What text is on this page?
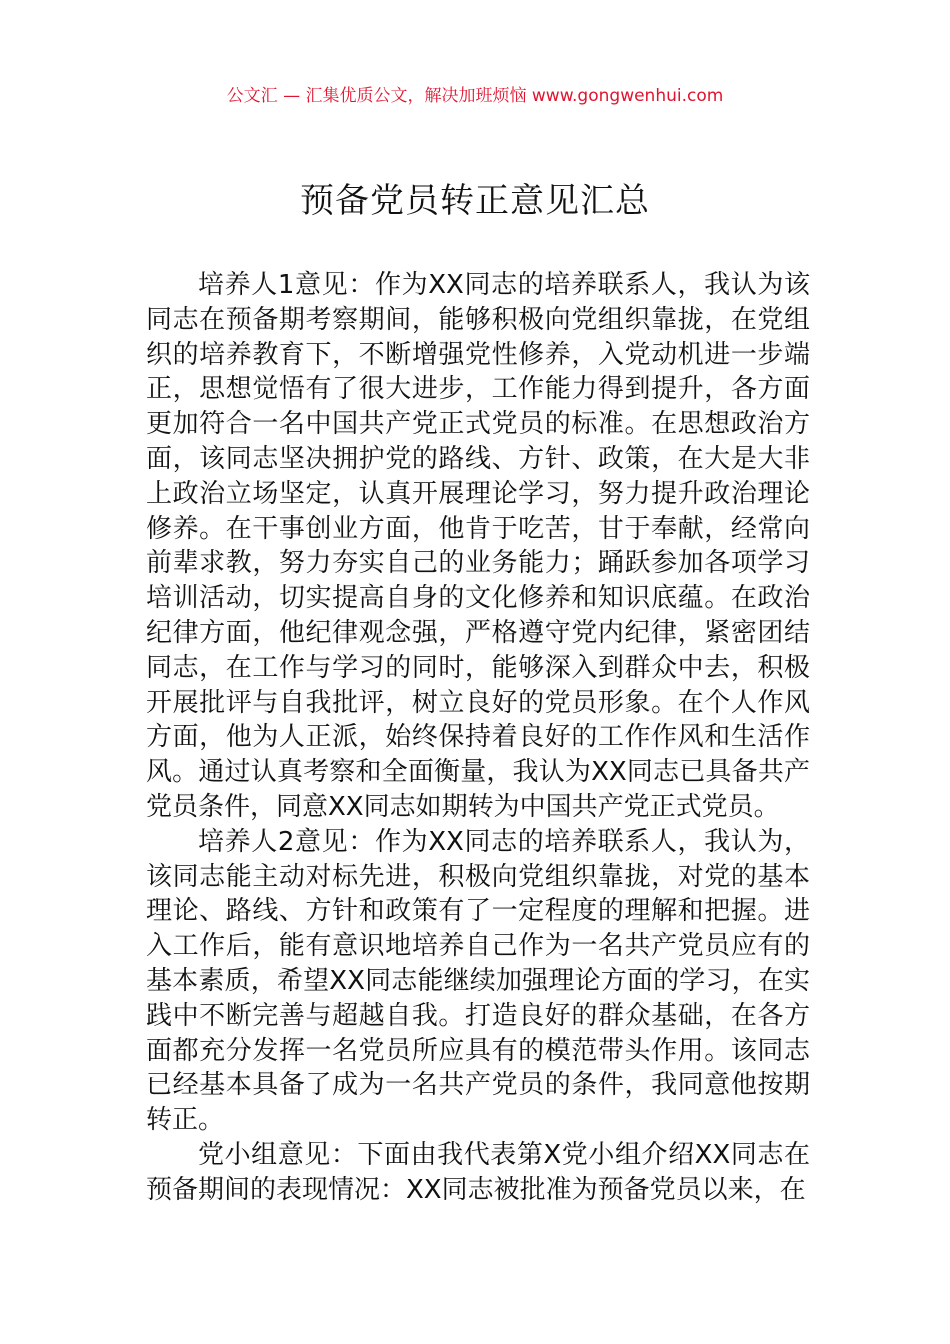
公文汇 — 汇集优质公文，解决加班烦恼 www.gongwenhui.com
预备党员转正意见汇总

培养人1意见：作为XX同志的培养联系人，我认为该同志在预备期考察期间，能够积极向党组织靠拢，在党组织的培养教育下，不断增强党性修养，入党动机进一步端正，思想觉悟有了很大进步，工作能力得到提升，各方面更加符合一名中国共产党正式党员的标准。在思想政治方面，该同志坚决拥护党的路线、方针、政策，在大是大非上政治立场坚定，认真开展理论学习，努力提升政治理论修养。在干事创业方面，他肯于吃苦，甘于奉献，经常向前辈求教，努力夯实自己的业务能力；踊跃参加各项学习培训活动，切实提高自身的文化修养和知识底蕴。在政治纪律方面，他纪律观念强，严格遵守党内纪律，紧密团结同志，在工作与学习的同时，能够深入到群众中去，积极开展批评与自我批评，树立良好的党员形象。在个人作风方面，他为人正派，始终保持着良好的工作作风和生活作风。通过认真考察和全面衡量，我认为XX同志已具备共产党员条件，同意XX同志如期转为中国共产党正式党员。

培养人2意见：作为XX同志的培养联系人，我认为，该同志能主动对标先进，积极向党组织靠拢，对党的基本理论、路线、方针和政策有了一定程度的理解和把握。进入工作后，能有意识地培养自己作为一名共产党员应有的基本素质，希望XX同志能继续加强理论方面的学习，在实践中不断完善与超越自我。打造良好的群众基础，在各方面都充分发挥一名党员所应具有的模范带头作用。该同志已经基本具备了成为一名共产党员的条件，我同意他按期转正。

党小组意见：下面由我代表第X党小组介绍XX同志在预备期间的表现情况：XX同志被批准为预备党员以来，在
